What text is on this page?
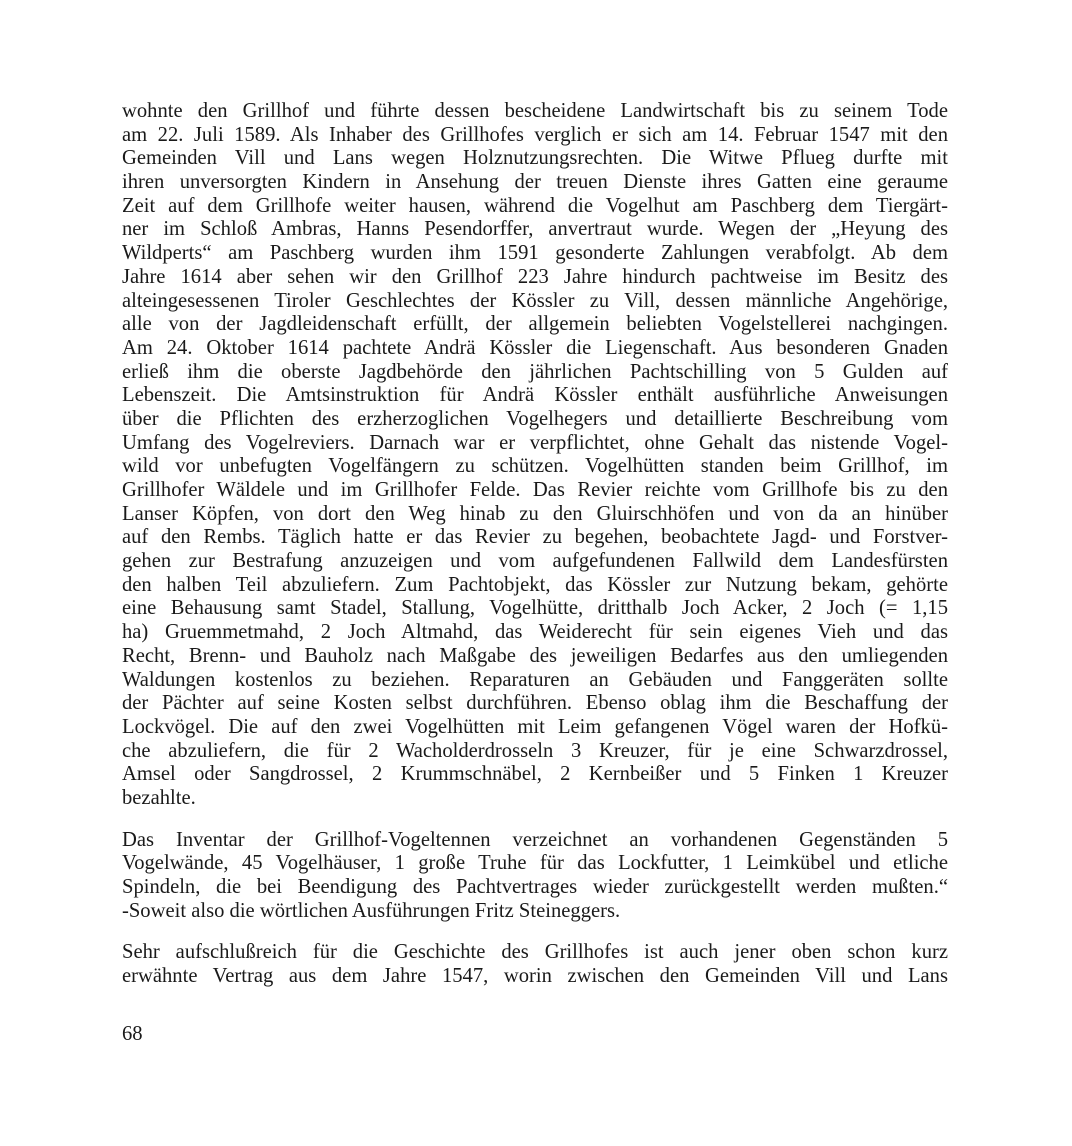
wohnte den Grillhof und führte dessen bescheidene Landwirtschaft bis zu seinem Tode
am 22. Juli 1589. Als Inhaber des Grillhofes verglich er sich am 14. Februar 1547 mit den
Gemeinden Vill und Lans wegen Holznutzungsrechten. Die Witwe Pflueg durfte mit
ihren unversorgten Kindern in Ansehung der treuen Dienste ihres Gatten eine geraume
Zeit auf dem Grillhofe weiter hausen, während die Vogelhut am Paschberg dem Tiergärt-
ner im Schloß Ambras, Hanns Pesendorffer, anvertraut wurde. Wegen der „Heyung des
Wildperts“ am Paschberg wurden ihm 1591 gesonderte Zahlungen verabfolgt. Ab dem
Jahre 1614 aber sehen wir den Grillhof 223 Jahre hindurch pachtweise im Besitz des
alteingesessenen Tiroler Geschlechtes der Kössler zu Vill, dessen männliche Angehörige,
alle von der Jagdleidenschaft erfüllt, der allgemein beliebten Vogelstellerei nachgingen.
Am 24. Oktober 1614 pachtete Andrä Kössler die Liegenschaft. Aus besonderen Gnaden
erließ ihm die oberste Jagdbehörde den jährlichen Pachtschilling von 5 Gulden auf
Lebenszeit. Die Amtsinstruktion für Andrä Kössler enthält ausführliche Anweisungen
über die Pflichten des erzherzoglichen Vogelhegers und detaillierte Beschreibung vom
Umfang des Vogelreviers. Darnach war er verpflichtet, ohne Gehalt das nistende Vogel-
wild vor unbefugten Vogelfängern zu schützen. Vogelhütten standen beim Grillhof, im
Grillhofer Wäldele und im Grillhofer Felde. Das Revier reichte vom Grillhofe bis zu den
Lanser Köpfen, von dort den Weg hinab zu den Gluirschhöfen und von da an hinüber
auf den Rembs. Täglich hatte er das Revier zu begehen, beobachtete Jagd- und Forstver-
gehen zur Bestrafung anzuzeigen und vom aufgefundenen Fallwild dem Landesfürsten
den halben Teil abzuliefern. Zum Pachtobjekt, das Kössler zur Nutzung bekam, gehörte
eine Behausung samt Stadel, Stallung, Vogelhütte, dritthalb Joch Acker, 2 Joch (= 1,15
ha) Gruemmetmahd, 2 Joch Altmahd, das Weiderecht für sein eigenes Vieh und das
Recht, Brenn- und Bauholz nach Maßgabe des jeweiligen Bedarfes aus den umliegenden
Waldungen kostenlos zu beziehen. Reparaturen an Gebäuden und Fanggeräten sollte
der Pächter auf seine Kosten selbst durchführen. Ebenso oblag ihm die Beschaffung der
Lockvögel. Die auf den zwei Vogelhütten mit Leim gefangenen Vögel waren der Hofkü-
che abzuliefern, die für 2 Wacholderdrosseln 3 Kreuzer, für je eine Schwarzdrossel,
Amsel oder Sangdrossel, 2 Krummschnäbel, 2 Kernbeißer und 5 Finken 1 Kreuzer
bezahlte.
Das Inventar der Grillhof-Vogeltennen verzeichnet an vorhandenen Gegenständen 5
Vogelwände, 45 Vogelhäuser, 1 große Truhe für das Lockfutter, 1 Leimkübel und etliche
Spindeln, die bei Beendigung des Pachtvertrages wieder zurückgestellt werden mußten.“
-Soweit also die wörtlichen Ausführungen Fritz Steineggers.
Sehr aufschlußreich für die Geschichte des Grillhofes ist auch jener oben schon kurz
erwähnte Vertrag aus dem Jahre 1547, worin zwischen den Gemeinden Vill und Lans
68
